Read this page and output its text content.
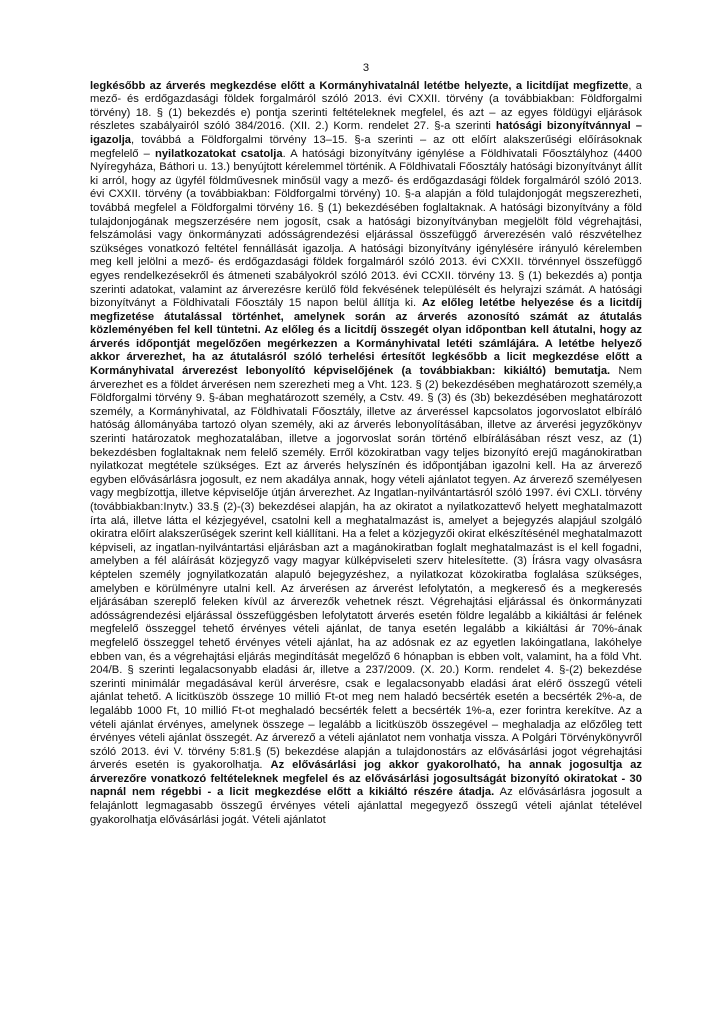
3

legkésőbb az árverés megkezdése előtt a Kormányhivatalnál letétbe helyezte, a licitdíjat megfizette, a mező- és erdőgazdasági földek forgalmáról szóló 2013. évi CXXII. törvény (a továbbiakban: Földforgalmi törvény) 18. § (1) bekezdés e) pontja szerinti feltételeknek megfelel, és azt – az egyes földügyi eljárások részletes szabályairól szóló 384/2016. (XII. 2.) Korm. rendelet 27. §-a szerinti hatósági bizonyítvánnyal – igazolja, továbbá a Földforgalmi törvény 13–15. §-a szerinti – az ott előírt alakszerűségi előírásoknak megfelelő – nyilatkozatokat csatolja. A hatósági bizonyítvány igénylése a Földhivatali Főosztályhoz (4400 Nyíregyháza, Báthori u. 13.) benyújtott kérelemmel történik. A Földhivatali Főosztály hatósági bizonyítványt állít ki arról, hogy az ügyfél földművesnek minősül vagy a mező- és erdőgazdasági földek forgalmáról szóló 2013. évi CXXII. törvény (a továbbiakban: Földforgalmi törvény) 10. §-a alapján a föld tulajdonjogát megszerezheti, továbbá megfelel a Földforgalmi törvény 16. § (1) bekezdésében foglaltaknak. A hatósági bizonyítvány a föld tulajdonjogának megszerzésére nem jogosít, csak a hatósági bizonyítványban megjelölt föld végrehajtási, felszámolási vagy önkormányzati adósságrendezési eljárással összefüggő árverezésén való részvételhez szükséges vonatkozó feltétel fennállását igazolja. A hatósági bizonyítvány igénylésére irányuló kérelemben meg kell jelölni a mező- és erdőgazdasági földek forgalmáról szóló 2013. évi CXXII. törvénnyel összefüggő egyes rendelkezésekről és átmeneti szabályokról szóló 2013. évi CCXII. törvény 13. § (1) bekezdés a) pontja szerinti adatokat, valamint az árverezésre kerülő föld fekvésének településélt és helyrajzi számát. A hatósági bizonyítványt a Földhivatali Főosztály 15 napon belül állítja ki. Az előleg letétbe helyezése és a licitdíj megfizetése átutalással történhet, amelynek során az árverés azonosító számát az átutalás közleményében fel kell tüntetni. Az előleg és a licitdíj összegét olyan időpontban kell átutalni, hogy az árverés időpontját megelőzően megérkezzen a Kormányhivatal letéti számlájára. A letétbe helyező akkor árverezhet, ha az átutalásról szóló terhelési értesítőt legkésőbb a licit megkezdése előtt a Kormányhivatal árverezést lebonyolító képviselőjének (a továbbiakban: kikiáltó) bemutatja. Nem árverezhet es a földet árverésen nem szerezheti meg a Vht. 123. § (2) bekezdésében meghatározott személy,a Földforgalmi törvény 9. §-ában meghatározott személy, a Cstv. 49. § (3) és (3b) bekezdésében meghatározott személy, a Kormányhivatal, az Földhivatali Főosztály, illetve az árveréssel kapcsolatos jogorvoslatot elbíráló hatóság állományába tartozó olyan személy, aki az árverés lebonyolításában, illetve az árverési jegyzőkönyv szerinti határozatok meghozatalában, illetve a jogorvoslat során történő elbírálásában részt vesz, az (1) bekezdésben foglaltaknak nem felelő személy. Erről közokiratban vagy teljes bizonyító erejű magánokiratban nyilatkozat megtétele szükséges. Ezt az árverés helyszínén és időpontjában igazolni kell. Ha az árverező egyben elővásárlásra jogosult, ez nem akadálya annak, hogy vételi ajánlatot tegyen. Az árverező személyesen vagy megbízottja, illetve képviselője útján árverezhet. Az Ingatlan-nyilvántartásról szóló 1997. évi CXLI. törvény (továbbiakban:Inytv.) 33.§ (2)-(3) bekezdései alapján, ha az okiratot a nyilatkozattevő helyett meghatalmazott írta alá, illetve látta el kézjegyével, csatolni kell a meghatalmazást is, amelyet a bejegyzés alapjául szolgáló okiratra előírt alakszerűségek szerint kell kiállítani. Ha a felet a közjegyzői okirat elkészítésénél meghatalmazott képviseli, az ingatlan-nyilvántartási eljárásban azt a magánokiratban foglalt meghatalmazást is el kell fogadni, amelyben a fél aláírását közjegyző vagy magyar külképviseleti szerv hitelesítette. (3) Írásra vagy olvasásra képtelen személy jognyilatkozatán alapuló bejegyzéshez, a nyilatkozat közokiratba foglalása szükséges, amelyben e körülményre utalni kell. Az árverésen az árverést lefolytatón, a megkereső és a megkeresés eljárásában szereplő feleken kívül az árverezők vehetnek részt. Végrehajtási eljárással és önkormányzati adósságrendezési eljárással összefüggésben lefolytatott árverés esetén földre legalább a kikiáltási ár felének megfelelő összeggel tehető érvényes vételi ajánlat, de tanya esetén legalább a kikiáltási ár 70%-ának megfelelő összeggel tehető érvényes vételi ajánlat, ha az adósnak ez az egyetlen lakóingatlana, lakóhelye ebben van, és a végrehajtási eljárás megindítását megelőző 6 hónapban is ebben volt, valamint, ha a föld Vht. 204/B. § szerinti legalacsonyabb eladási ár, illetve a 237/2009. (X. 20.) Korm. rendelet 4. §-(2) bekezdése szerinti minimálár megadásával kerül árverésre, csak e legalacsonyabb eladási árat elérő összegű vételi ajánlat tehető. A licitküszöb összege 10 millió Ft-ot meg nem haladó becsérték esetén a becsérték 2%-a, de legalább 1000 Ft, 10 millió Ft-ot meghaladó becsérték felett a becsérték 1%-a, ezer forintra kerekítve. Az a vételi ajánlat érvényes, amelynek összege – legalább a licitküszöb összegével – meghaladja az előzőleg tett érvényes vételi ajánlat összegét. Az árverező a vételi ajánlatot nem vonhatja vissza. A Polgári Törvénykönyvről szóló 2013. évi V. törvény 5:81.§ (5) bekezdése alapján a tulajdonostárs az elővásárlási jogot végrehajtási árverés esetén is gyakorolhatja. Az elővásárlási jog akkor gyakorolható, ha annak jogosultja az árverezőre vonatkozó feltételeknek megfelel és az elővásárlási jogosultságát bizonyító okiratokat - 30 napnál nem régebbi - a licit megkezdése előtt a kikiáltó részére átadja. Az elővásárlásra jogosult a felajánlott legmagasabb összegű érvényes vételi ajánlattal megegyező összegű vételi ajánlat tételével gyakorolhatja elővásárlási jogát. Vételi ajánlatot
